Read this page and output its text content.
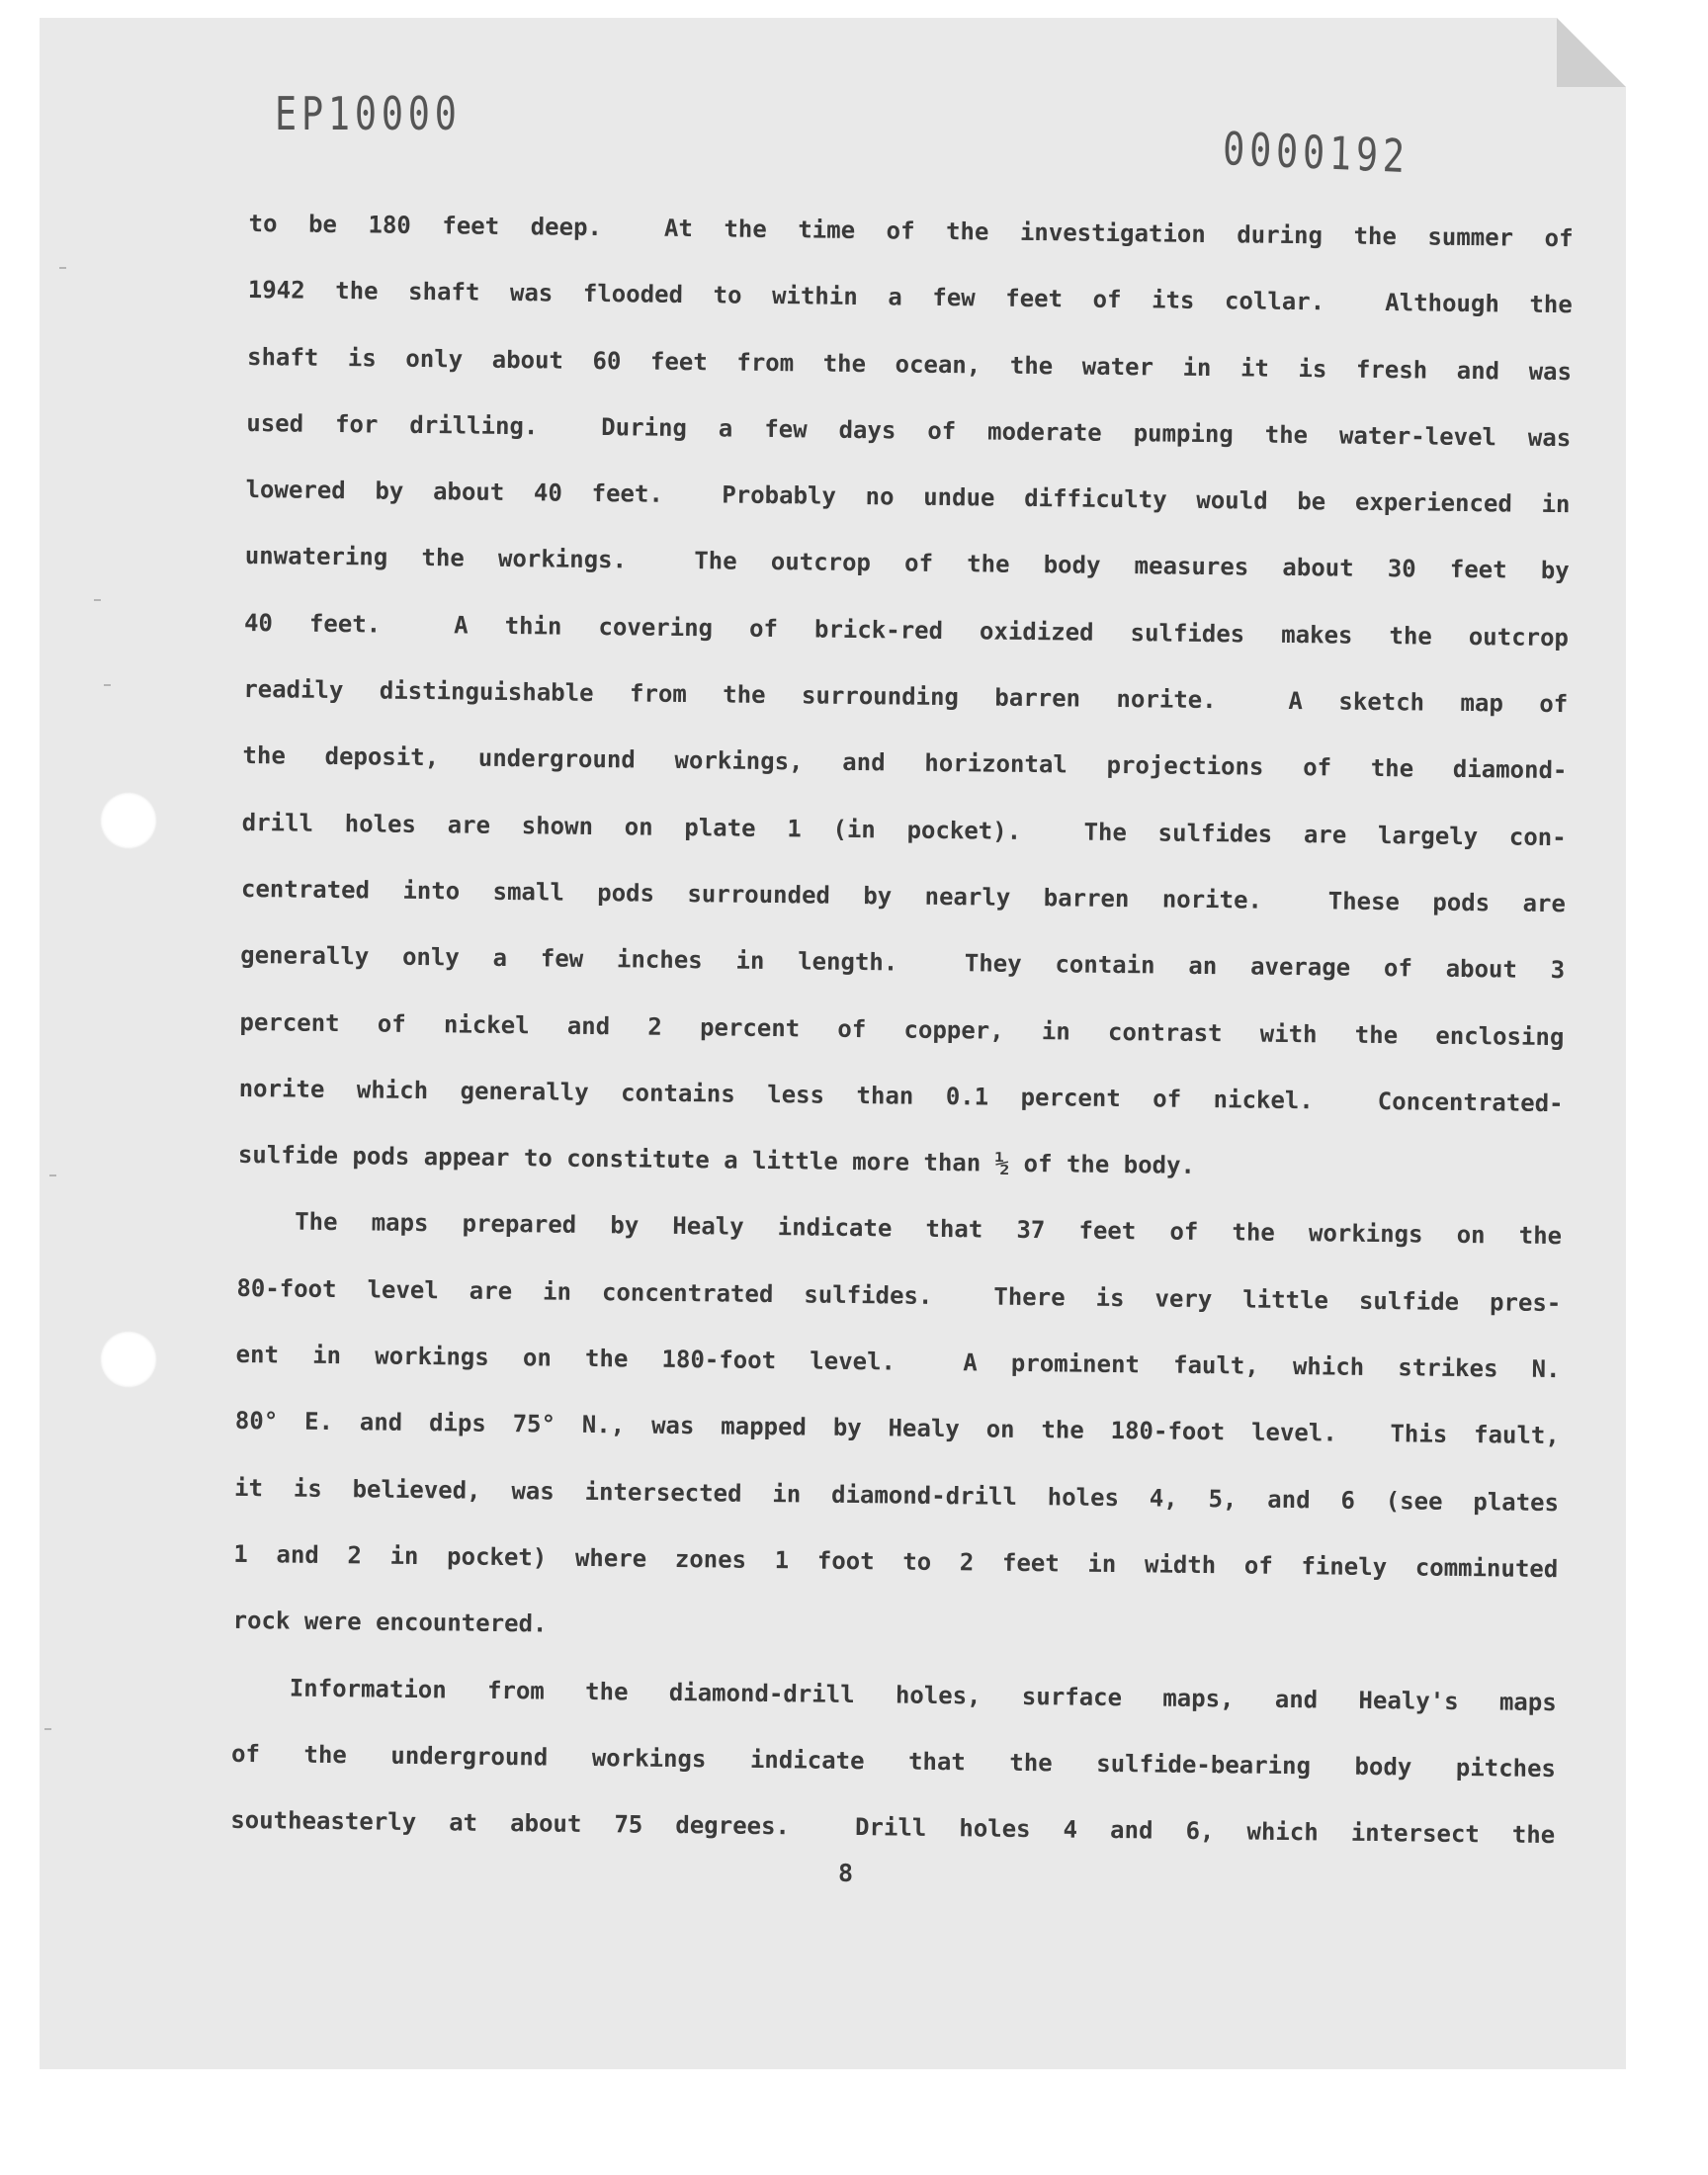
EP10000
0000192
to be 180 feet deep.  At the time of the investigation during the summer of
1942 the shaft was flooded to within a few feet of its collar.  Although the
shaft is only about 60 feet from the ocean, the water in it is fresh and was
used for drilling.  During a few days of moderate pumping the water-level was
lowered by about 40 feet.  Probably no undue difficulty would be experienced in
unwatering the workings.  The outcrop of the body measures about 30 feet by
40 feet.  A thin covering of brick-red oxidized sulfides makes the outcrop
readily distinguishable from the surrounding barren norite.  A sketch map of
the deposit, underground workings, and horizontal projections of the diamond-
drill holes are shown on plate 1 (in pocket).  The sulfides are largely con-
centrated into small pods surrounded by nearly barren norite.  These pods are
generally only a few inches in length.  They contain an average of about 3
percent of nickel and 2 percent of copper, in contrast with the enclosing
norite which generally contains less than 0.1 percent of nickel.  Concentrated-
sulfide pods appear to constitute a little more than ½ of the body.
The maps prepared by Healy indicate that 37 feet of the workings on the
80-foot level are in concentrated sulfides.  There is very little sulfide pres-
ent in workings on the 180-foot level.  A prominent fault, which strikes N.
80° E. and dips 75° N., was mapped by Healy on the 180-foot level.  This fault,
it is believed, was intersected in diamond-drill holes 4, 5, and 6 (see plates
1 and 2 in pocket) where zones 1 foot to 2 feet in width of finely comminuted
rock were encountered.
Information from the diamond-drill holes, surface maps, and Healy's maps
of the underground workings indicate that the sulfide-bearing body pitches
southeasterly at about 75 degrees.  Drill holes 4 and 6, which intersect the
8
